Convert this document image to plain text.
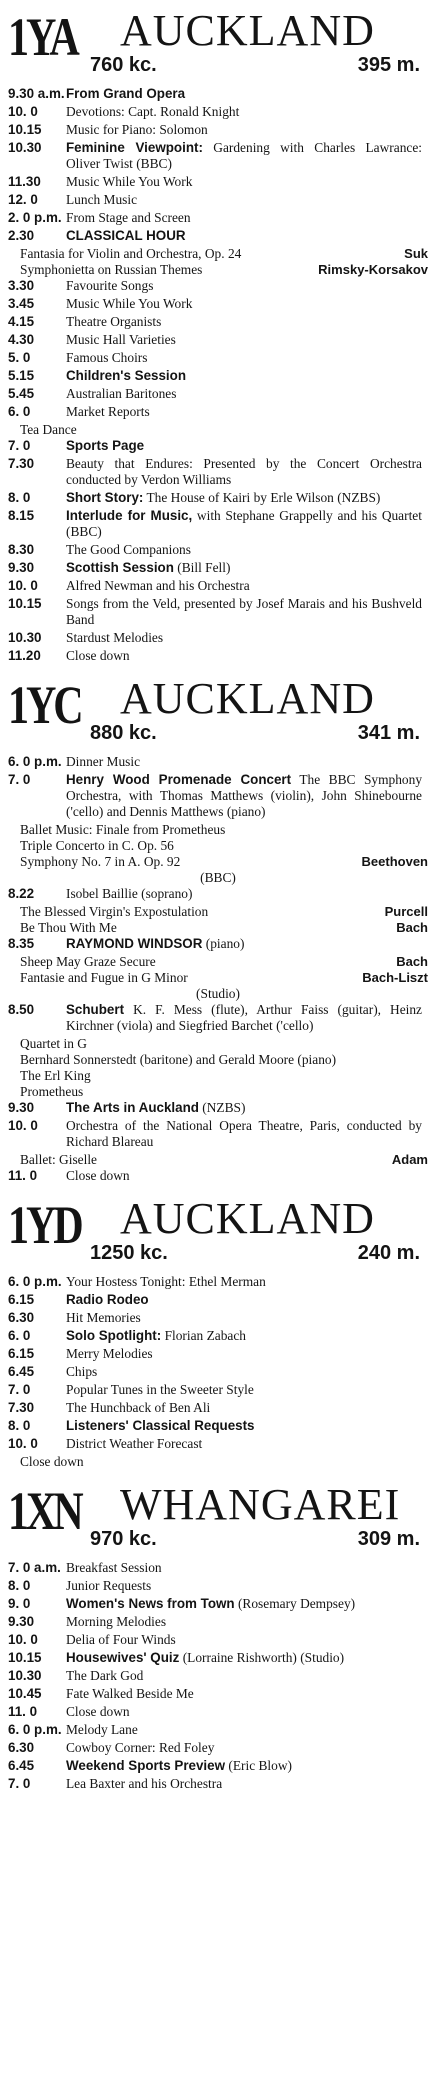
1YA AUCKLAND
760 kc.	395 m.
9.30 a.m. From Grand Opera
10. 0 Devotions: Capt. Ronald Knight
10.15 Music for Piano: Solomon
10.30 Feminine Viewpoint: Gardening with Charles Lawrance: Oliver Twist (BBC)
11.30 Music While You Work
12. 0 Lunch Music
2. 0 p.m. From Stage and Screen
2.30 CLASSICAL HOUR
Fantasia for Violin and Orchestra, Op. 24	Suk
Symphonietta on Russian Themes	Rimsky-Korsakov
3.30 Favourite Songs
3.45 Music While You Work
4.15 Theatre Organists
4.30 Music Hall Varieties
5. 0	Famous Choirs
5.15 Children's Session
5.45 Australian Baritones
6. 0	Market Reports
Tea Dance
7. 0	Sports Page
7.30 Beauty that Endures: Presented by the Concert Orchestra conducted by Verdon Williams
8. 0	Short Story: The House of Kairi by Erle Wilson (NZBS)
8.15 Interlude for Music, with Stephane Grappelly and his Quartet (BBC)
8.30 The Good Companions
9.30 Scottish Session (Bill Fell)
10. 0 Alfred Newman and his Orchestra
10.15 Songs from the Veld, presented by Josef Marais and his Bushveld Band
10.30 Stardust Melodies
11.20 Close down
1YC AUCKLAND
880 kc.	341 m.
6. 0 p.m. Dinner Music
7. 0	Henry Wood Promenade Concert The BBC Symphony Orchestra, with Thomas Matthews (violin), John Shinebourne ('cello) and Dennis Matthews (piano)
Ballet Music: Finale from Prometheus
Triple Concerto in C. Op. 56
Symphony No. 7 in A. Op. 92	Beethoven
(BBC)
8.22 Isobel Baillie (soprano)
The Blessed Virgin's Expostulation	Purcell
Be Thou With Me	Bach
8.35 RAYMOND WINDSOR (piano)
Sheep May Graze Secure	Bach
Fantasie and Fugue in G Minor	Bach-Liszt
(Studio)
8.50 Schubert K. F. Mess (flute), Arthur Faiss (guitar), Heinz Kirchner (viola) and Siegfried Barchet ('cello)
Quartet in G
Bernhard Sonnerstedt (baritone) and Gerald Moore (piano)
The Erl King
Prometheus
9.30 The Arts in Auckland (NZBS)
10. 0 Orchestra of the National Opera Theatre, Paris, conducted by Richard Blareau
Ballet: Giselle	Adam
11. 0 Close down
1YD AUCKLAND
1250 kc.	240 m.
6. 0 p.m. Your Hostess Tonight: Ethel Merman
6.15 Radio Rodeo
6.30 Hit Memories
6. 0	Solo Spotlight: Florian Zabach
6.15 Merry Melodies
6.45 Chips
7. 0	Popular Tunes in the Sweeter Style
7.30 The Hunchback of Ben Ali
8. 0	Listeners' Classical Requests
10. 0 District Weather Forecast
Close down
1XN WHANGAREI
970 kc.	309 m.
7. 0 a.m. Breakfast Session
8. 0	Junior Requests
9. 0	Women's News from Town (Rosemary Dempsey)
9.30 Morning Melodies
10. 0 Delia of Four Winds
10.15 Housewives' Quiz (Lorraine Rishworth) (Studio)
10.30 The Dark God
10.45 Fate Walked Beside Me
11. 0 Close down
6. 0 p.m. Melody Lane
6.30 Cowboy Corner: Red Foley
6.45 Weekend Sports Preview (Eric Blow)
7. 0	Lea Baxter and his Orchestra
